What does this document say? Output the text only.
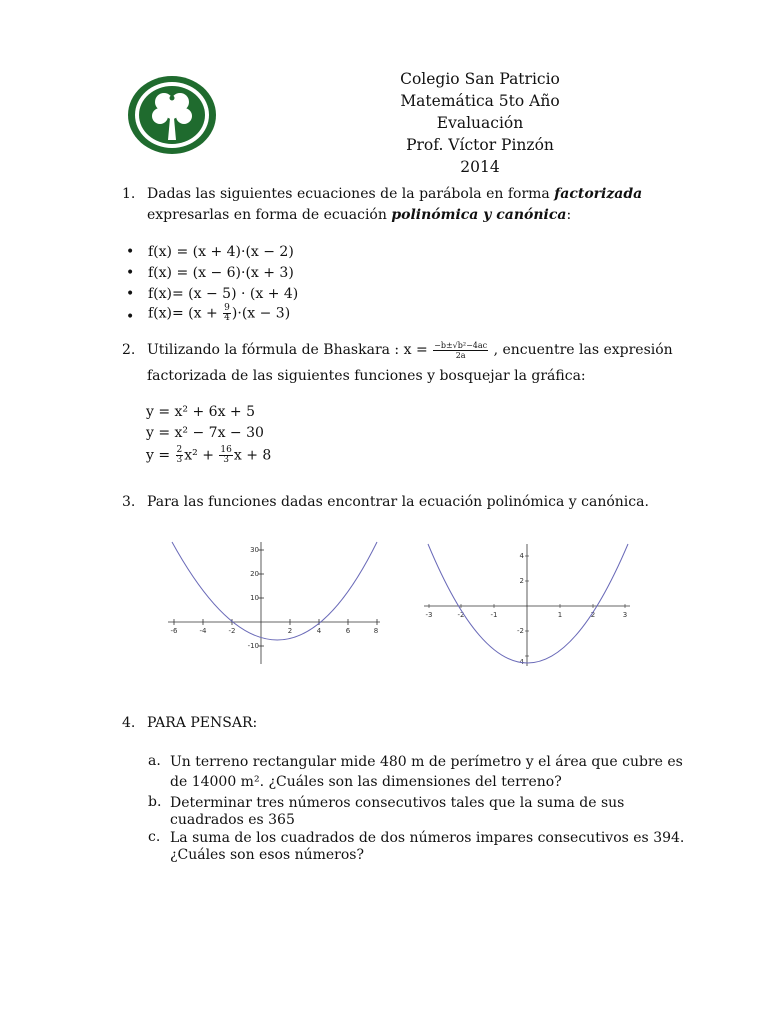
Colegio San Patricio
Matemática 5to Año
Evaluación
Prof. Víctor Pinzón
2014
1. Dadas las siguientes ecuaciones de la parábola en forma factorizada
expresarlas en forma de ecuación polinómica y canónica:
• f(x) = (x + 4)·(x − 2)
• f(x) = (x − 6)·(x + 3)
• f(x)= (x − 5) · (x + 4)
• $f(x)= (x + \frac{9}{4} )\cdot(x - 3)$
2. Utilizando la fórmula de Bhaskara : $x = \frac{\text{−b±√b²−4ac}}{2a}$ , encuentre las expresión
factorizada de las siguientes funciones y bosquejar la gráfica:
y = x² + 6x + 5
y = x² − 7x − 30
$y = \frac{2}{3} x^2 + \frac{16}{3}$ x + 8
3. Para las funciones dadas encontrar la ecuación polinómica y canónica.
-6	-4	-2	2	4	6	8
30
20
10
-10
-3	-2	-1	1	2	3
4
2
-2
-4
4. PARA PENSAR:
a. Un terreno rectangular mide 480 m de perímetro y el área que cubre es
de 14000 m². ¿Cuáles son las dimensiones del terreno?
b. Determinar tres números consecutivos tales que la suma de sus
cuadrados es 365
c. La suma de los cuadrados de dos números impares consecutivos es 394.
¿Cuáles son esos números?
